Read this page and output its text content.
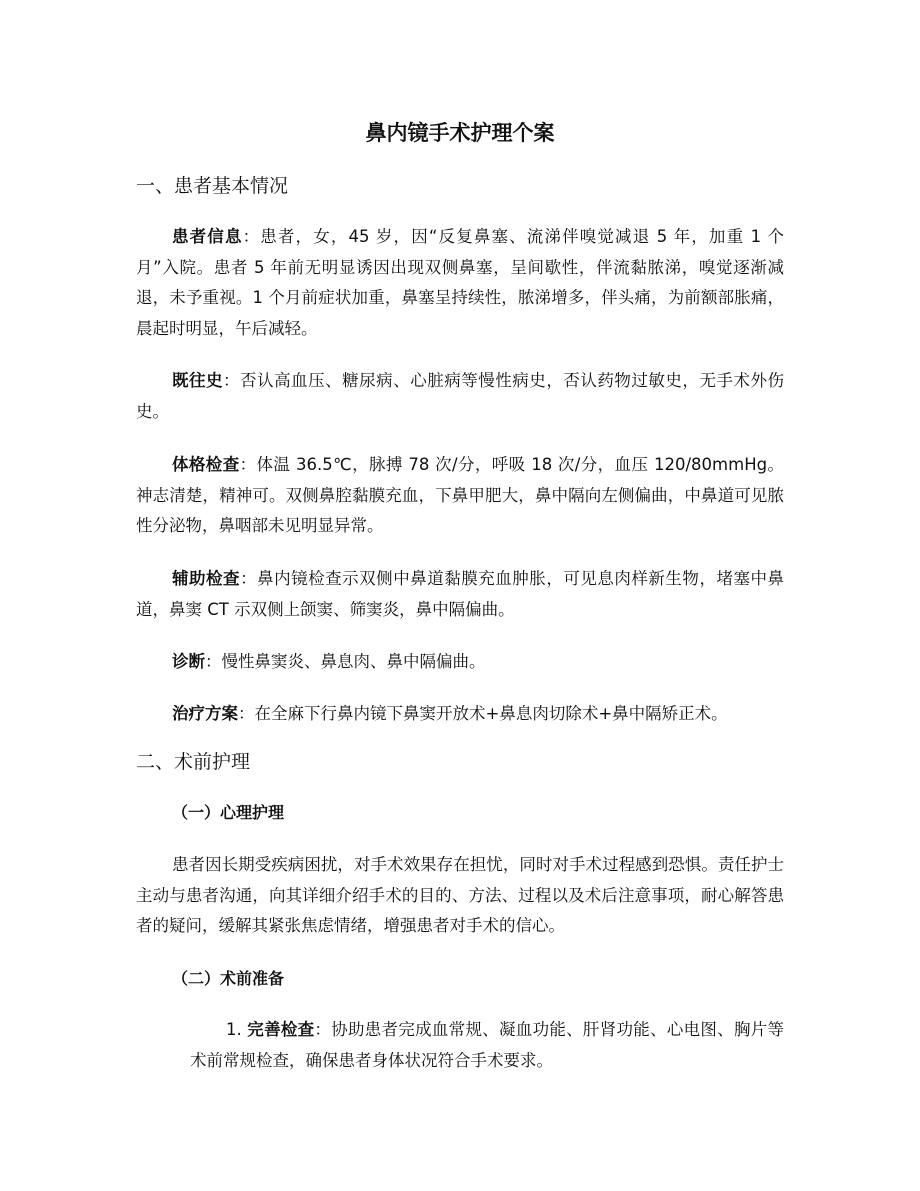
鼻内镜手术护理个案
一、患者基本情况
患者信息：患者，女，45 岁，因“反复鼻塞、流涕伴嗅觉减退 5 年，加重 1 个月”入院。患者 5 年前无明显诱因出现双侧鼻塞，呈间歇性，伴流黏脓涕，嗅觉逐渐减退，未予重视。1 个月前症状加重，鼻塞呈持续性，脓涕增多，伴头痛，为前额部胀痛，晨起时明显，午后减轻。
既往史：否认高血压、糖尿病、心脏病等慢性病史，否认药物过敏史，无手术外伤史。
体格检查：体温 36.5℃，脉搏 78 次/分，呼吸 18 次/分，血压 120/80mmHg。神志清楚，精神可。双侧鼻腔黏膜充血，下鼻甲肥大，鼻中隔向左侧偏曲，中鼻道可见脓性分泌物，鼻咽部未见明显异常。
辅助检查：鼻内镜检查示双侧中鼻道黏膜充血肿胀，可见息肉样新生物，堵塞中鼻道，鼻窦 CT 示双侧上颌窦、筛窦炎，鼻中隔偏曲。
诊断：慢性鼻窦炎、鼻息肉、鼻中隔偏曲。
治疗方案：在全麻下行鼻内镜下鼻窦开放术+鼻息肉切除术+鼻中隔矫正术。
二、术前护理
（一）心理护理
患者因长期受疾病困扰，对手术效果存在担忧，同时对手术过程感到恐惧。责任护士主动与患者沟通，向其详细介绍手术的目的、方法、过程以及术后注意事项，耐心解答患者的疑问，缓解其紧张焦虑情绪，增强患者对手术的信心。
（二）术前准备
1. 完善检查：协助患者完成血常规、凝血功能、肝肾功能、心电图、胸片等术前常规检查，确保患者身体状况符合手术要求。
